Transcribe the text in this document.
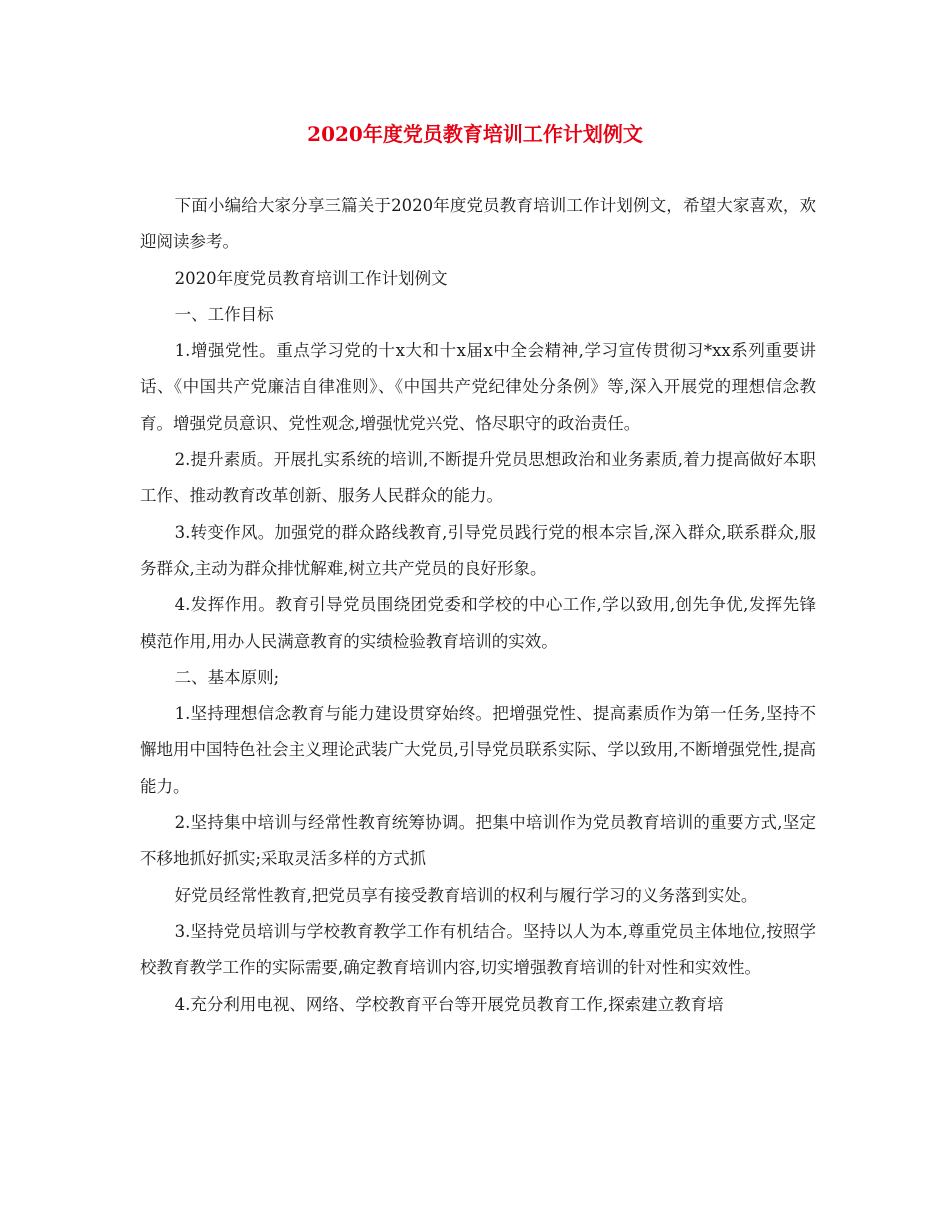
2020年度党员教育培训工作计划例文

下面小编给大家分享三篇关于2020年度党员教育培训工作计划例文，希望大家喜欢，欢迎阅读参考。

2020年度党员教育培训工作计划例文

一、工作目标

1.增强党性。重点学习党的十x大和十x届x中全会精神,学习宣传贯彻习*xx系列重要讲话、《中国共产党廉洁自律准则》、《中国共产党纪律处分条例》等,深入开展党的理想信念教育。增强党员意识、党性观念,增强忧党兴党、恪尽职守的政治责任。

2.提升素质。开展扎实系统的培训,不断提升党员思想政治和业务素质,着力提高做好本职工作、推动教育改革创新、服务人民群众的能力。

3.转变作风。加强党的群众路线教育,引导党员践行党的根本宗旨,深入群众,联系群众,服务群众,主动为群众排忧解难,树立共产党员的良好形象。

4.发挥作用。教育引导党员围绕团党委和学校的中心工作,学以致用,创先争优,发挥先锋模范作用,用办人民满意教育的实绩检验教育培训的实效。

二、基本原则;

1.坚持理想信念教育与能力建设贯穿始终。把增强党性、提高素质作为第一任务,坚持不懈地用中国特色社会主义理论武装广大党员,引导党员联系实际、学以致用,不断增强党性,提高能力。

2.坚持集中培训与经常性教育统筹协调。把集中培训作为党员教育培训的重要方式,坚定不移地抓好抓实;采取灵活多样的方式抓

好党员经常性教育,把党员享有接受教育培训的权利与履行学习的义务落到实处。

3.坚持党员培训与学校教育教学工作有机结合。坚持以人为本,尊重党员主体地位,按照学校教育教学工作的实际需要,确定教育培训内容,切实增强教育培训的针对性和实效性。

4.充分利用电视、网络、学校教育平台等开展党员教育工作,探索建立教育培
